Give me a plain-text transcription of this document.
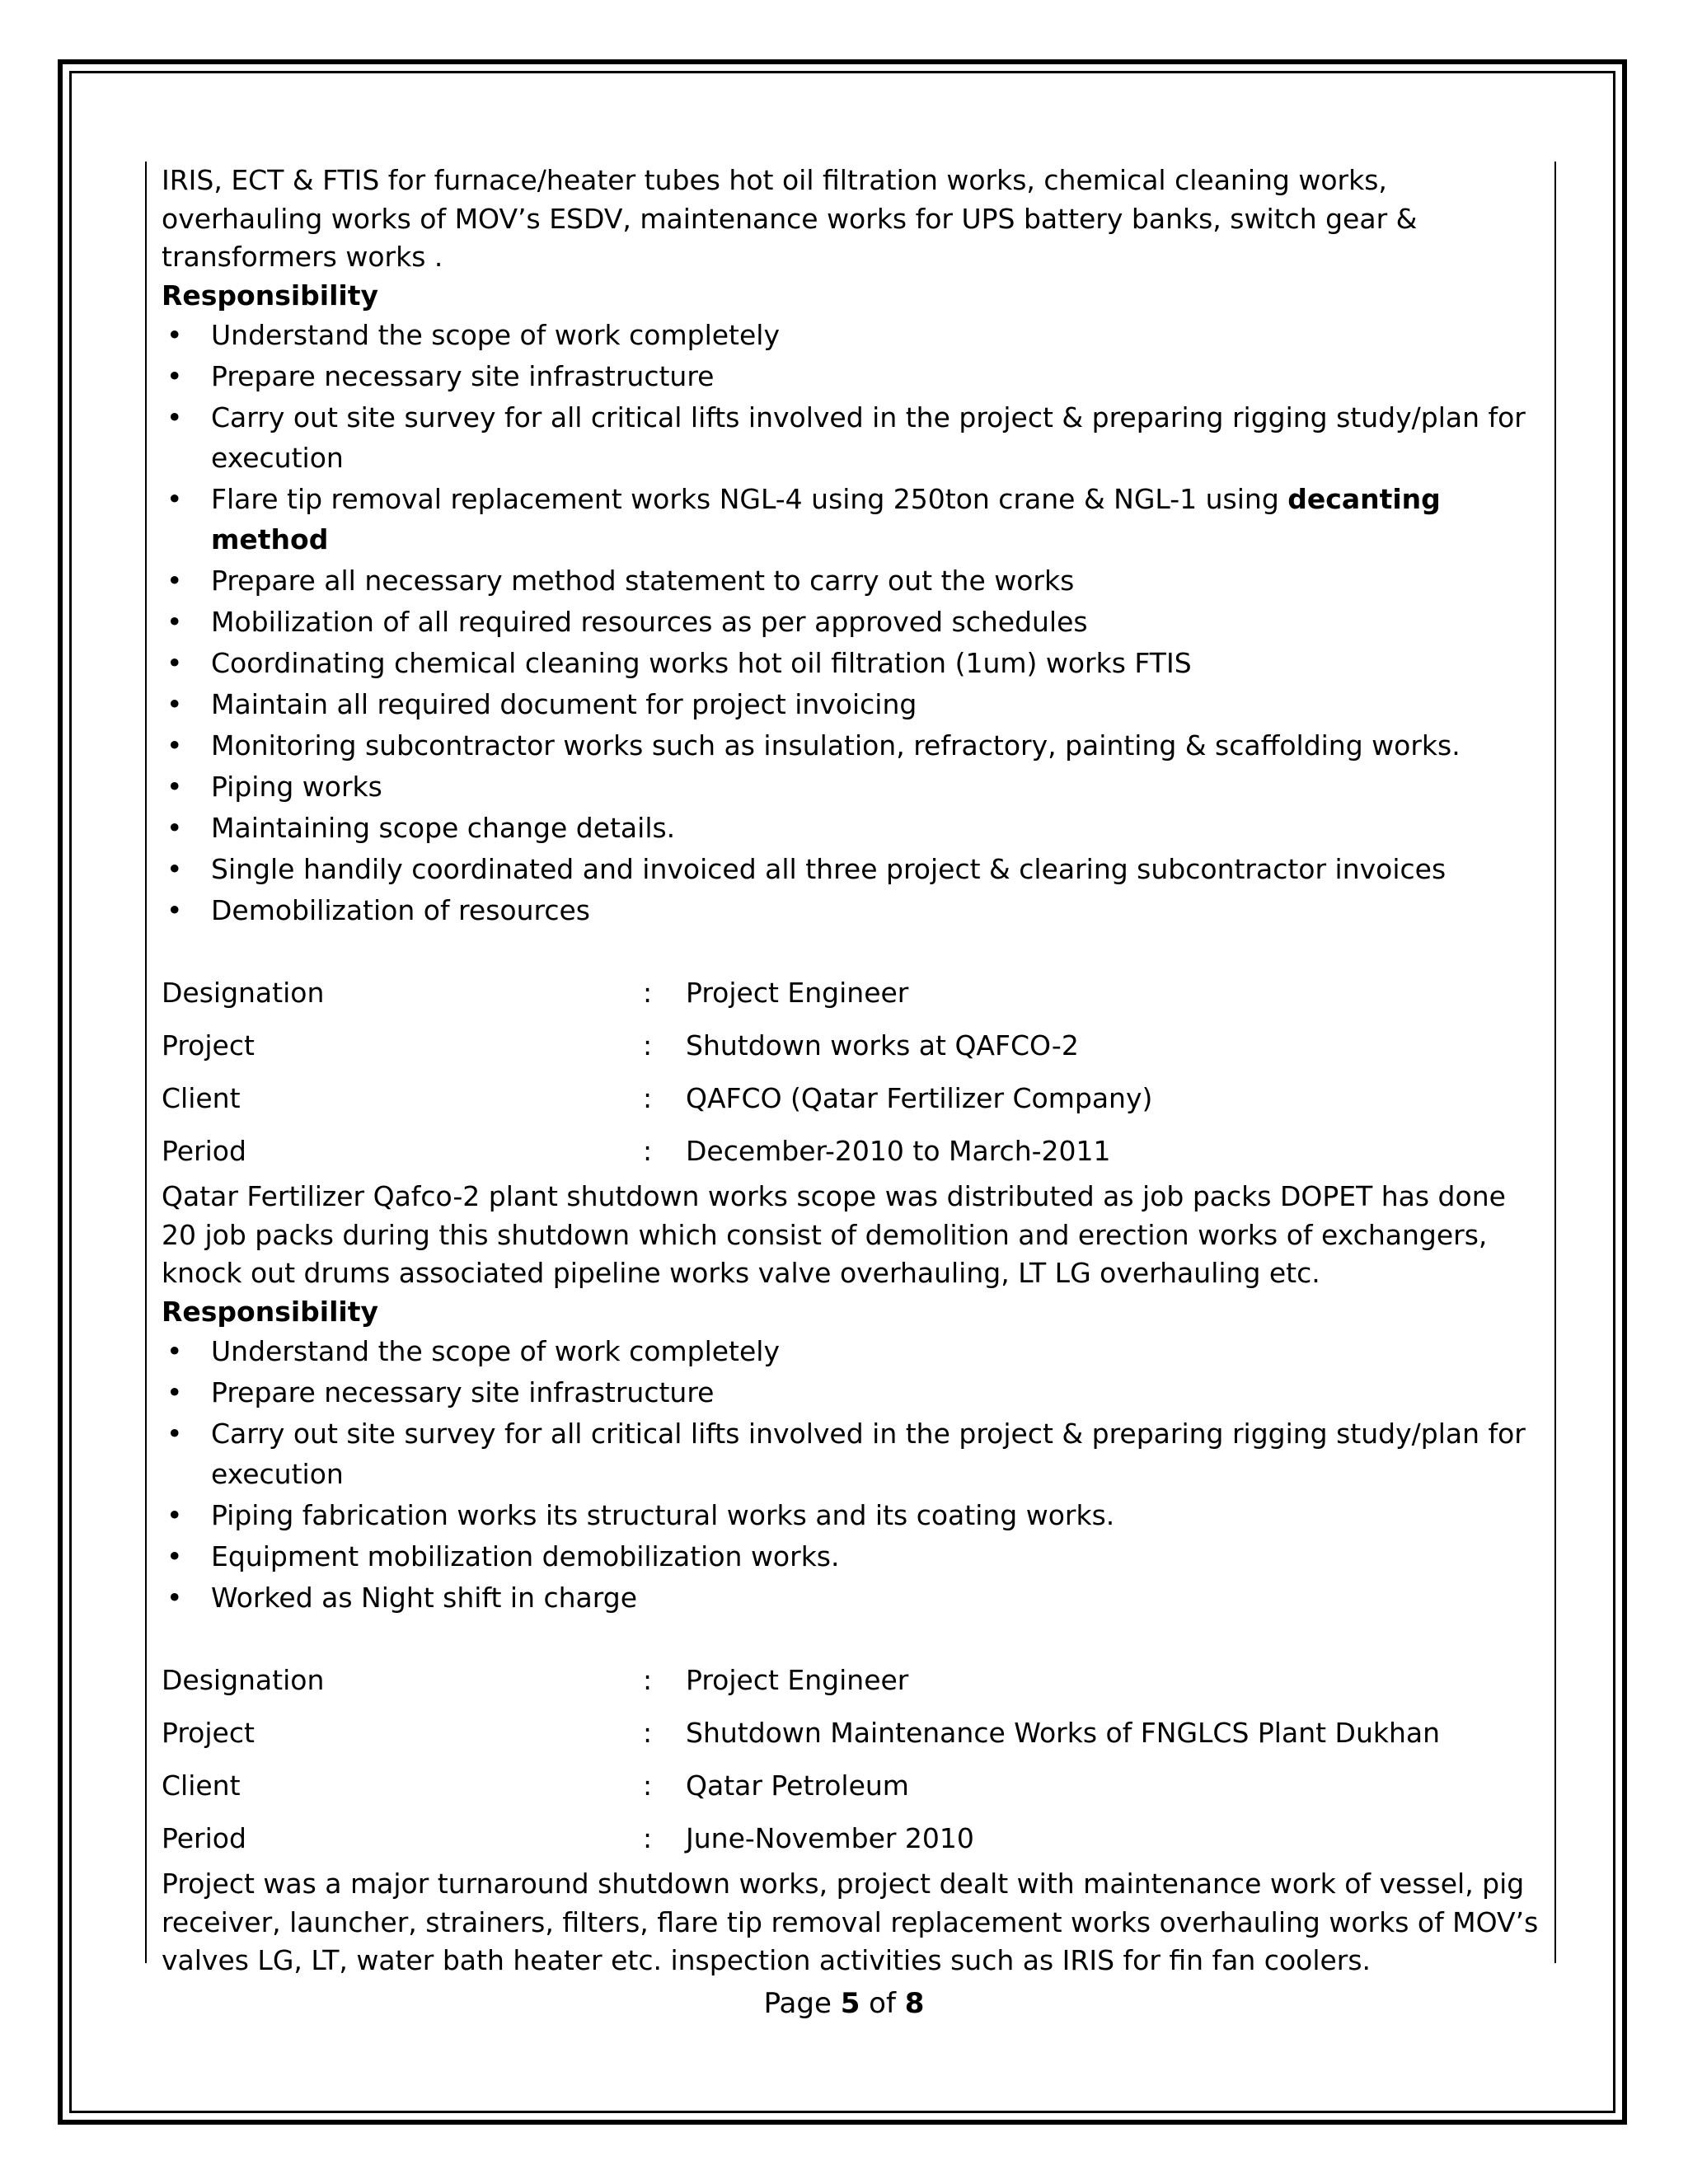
IRIS, ECT & FTIS for furnace/heater tubes hot oil filtration works, chemical cleaning works, overhauling works of MOV’s ESDV, maintenance works for UPS battery banks, switch gear & transformers works .

Responsibility

• Understand the scope of work completely
• Prepare necessary site infrastructure
• Carry out site survey for all critical lifts involved in the project & preparing rigging study/plan for execution
• Flare tip removal replacement works NGL-4 using 250ton crane & NGL-1 using decanting method
• Prepare all necessary method statement to carry out the works
• Mobilization of all required resources as per approved schedules
• Coordinating chemical cleaning works hot oil filtration (1um) works FTIS
• Maintain all required document for project invoicing
• Monitoring subcontractor works such as insulation, refractory, painting & scaffolding works.
• Piping works
• Maintaining scope change details.
• Single handily coordinated and invoiced all three project & clearing subcontractor invoices
• Demobilization of resources
Designation	: Project Engineer
Project	: Shutdown works at QAFCO-2
Client	: QAFCO (Qatar Fertilizer Company)
Period	: December-2010 to March-2011

Qatar Fertilizer Qafco-2 plant shutdown works scope was distributed as job packs DOPET has done 20 job packs during this shutdown which consist of demolition and erection works of exchangers, knock out drums associated pipeline works valve overhauling, LT LG overhauling etc.

Responsibility

• Understand the scope of work completely
• Prepare necessary site infrastructure
• Carry out site survey for all critical lifts involved in the project & preparing rigging study/plan for execution
• Piping fabrication works its structural works and its coating works.
• Equipment mobilization demobilization works.
• Worked as Night shift in charge
Designation	: Project Engineer
Project	: Shutdown Maintenance Works of FNGLCS Plant Dukhan
Client	: Qatar Petroleum
Period	: June-November 2010

Project was a major turnaround shutdown works, project dealt with maintenance work of vessel, pig receiver, launcher, strainers, filters, flare tip removal replacement works overhauling works of MOV’s valves LG, LT, water bath heater etc. inspection activities such as IRIS for fin fan coolers.

Page 5 of 8
